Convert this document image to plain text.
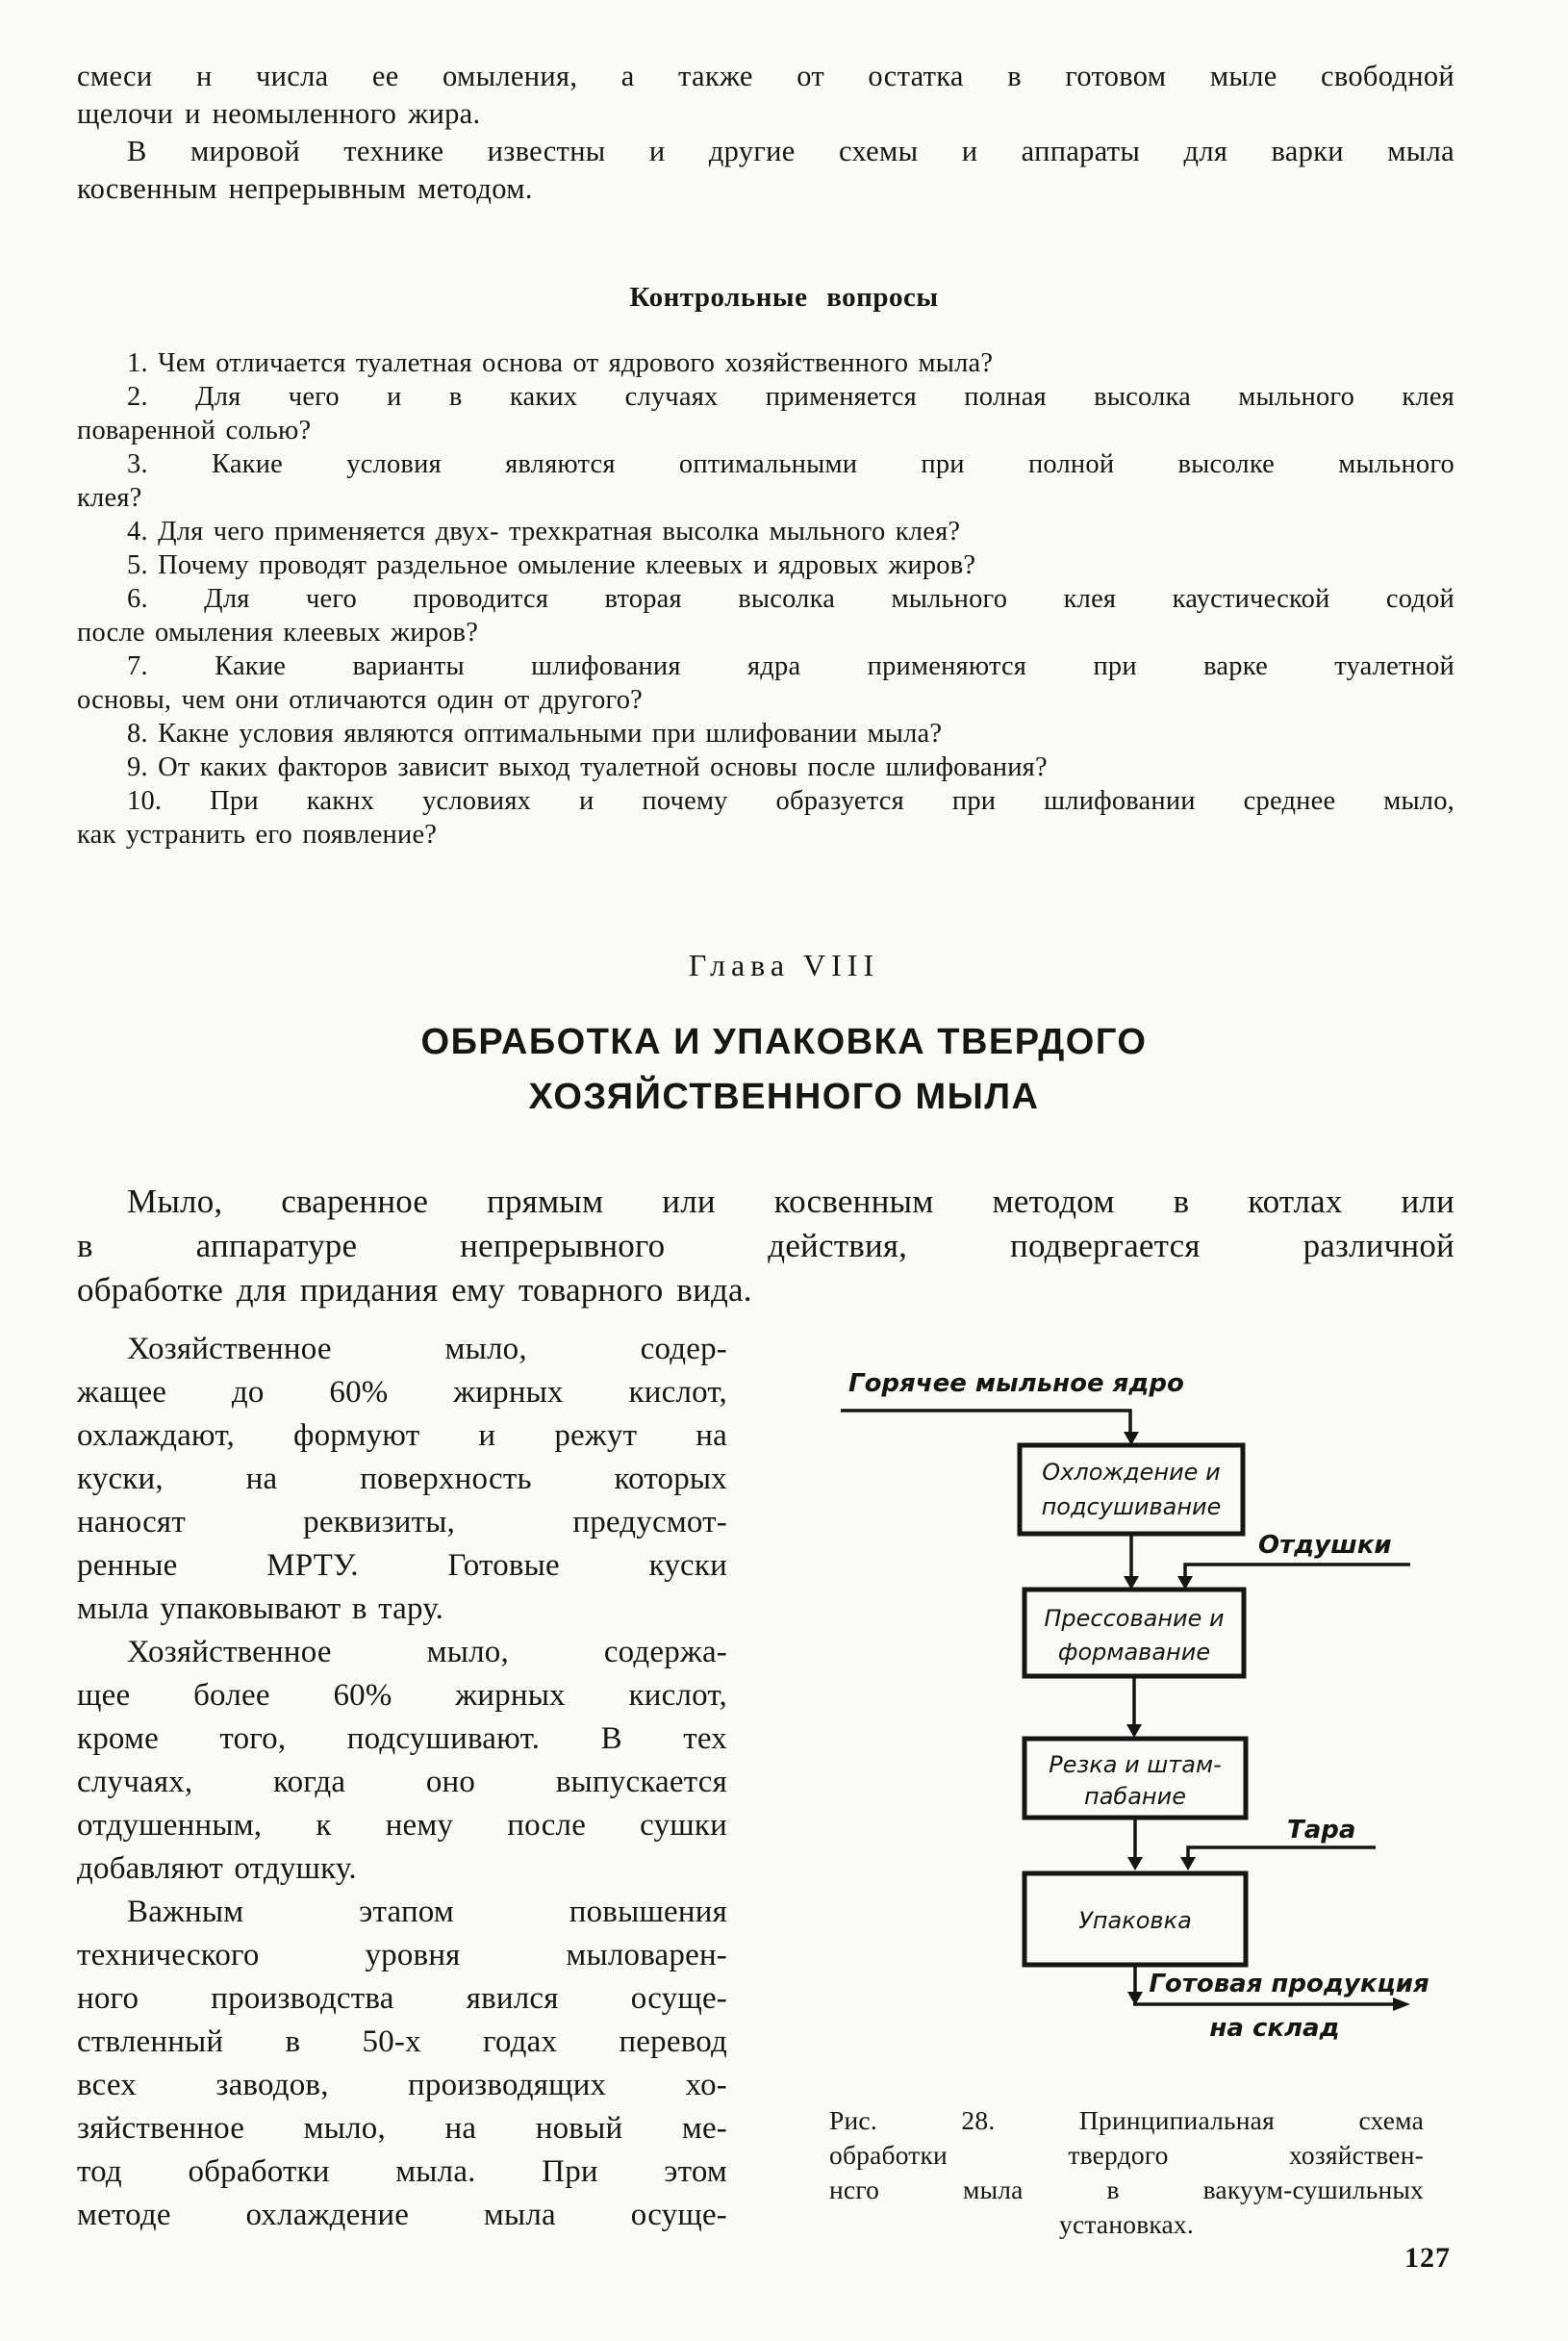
смеси н числа ее омыления, а также от остатка в готовом мыле свободной
щелочи и неомыленного жира.
В мировой технике известны и другие схемы и аппараты для варки мыла
косвенным непрерывным методом.
Контрольные вопросы
1. Чем отличается туалетная основа от ядрового хозяйственного мыла?
2. Для чего и в каких случаях применяется полная высолка мыльного клея
поваренной солью?
3. Какие условия являются оптимальными при полной высолке мыльного
клея?
4. Для чего применяется двух- трехкратная высолка мыльного клея?
5. Почему проводят раздельное омыление клеевых и ядровых жиров?
6. Для чего проводится вторая высолка мыльного клея каустической содой
после омыления клеевых жиров?
7. Какие варианты шлифования ядра применяются при варке туалетной
основы, чем они отличаются один от другого?
8. Какне условия являются оптимальными при шлифовании мыла?
9. От каких факторов зависит выход туалетной основы после шлифования?
10. При какнх условиях и почему образуется при шлифовании среднее мыло,
как устранить его появление?
Глава VIII
ОБРАБОТКА И УПАКОВКА ТВЕРДОГО
ХОЗЯЙСТВЕННОГО МЫЛА
Мыло, сваренное прямым или косвенным методом в котлах или
в аппаратуре непрерывного действия, подвергается различной
обработке для придания ему товарного вида.
Хозяйственное мыло, содер-
жащее до 60% жирных кислот,
охлаждают, формуют и режут на
куски, на поверхность которых
наносят реквизиты, предусмот-
ренные МРТУ. Готовые куски
мыла упаковывают в тару.
Хозяйственное мыло, содержа-
щее более 60% жирных кислот,
кроме того, подсушивают. В тех
случаях, когда оно выпускается
отдушенным, к нему после сушки
добавляют отдушку.
Важным этапом повышения
технического уровня мыловарен-
ного производства явился осуще-
ствленный в 50-х годах перевод
всех заводов, производящих хо-
зяйственное мыло, на новый ме-
тод обработки мыла. При этом
методе охлаждение мыла осуще-
Горячее мыльное ядро
Охлождение и
подсушивание
Отдушки
Прессование и
формавание
Резка и штам-
пабание
Тара
Упаковка
Готовая продукция
на склад
Рис. 28. Принципиальная схема
обработки твердого хозяйствен-
нсго мыла в вакуум-сушильных
установках.
127
